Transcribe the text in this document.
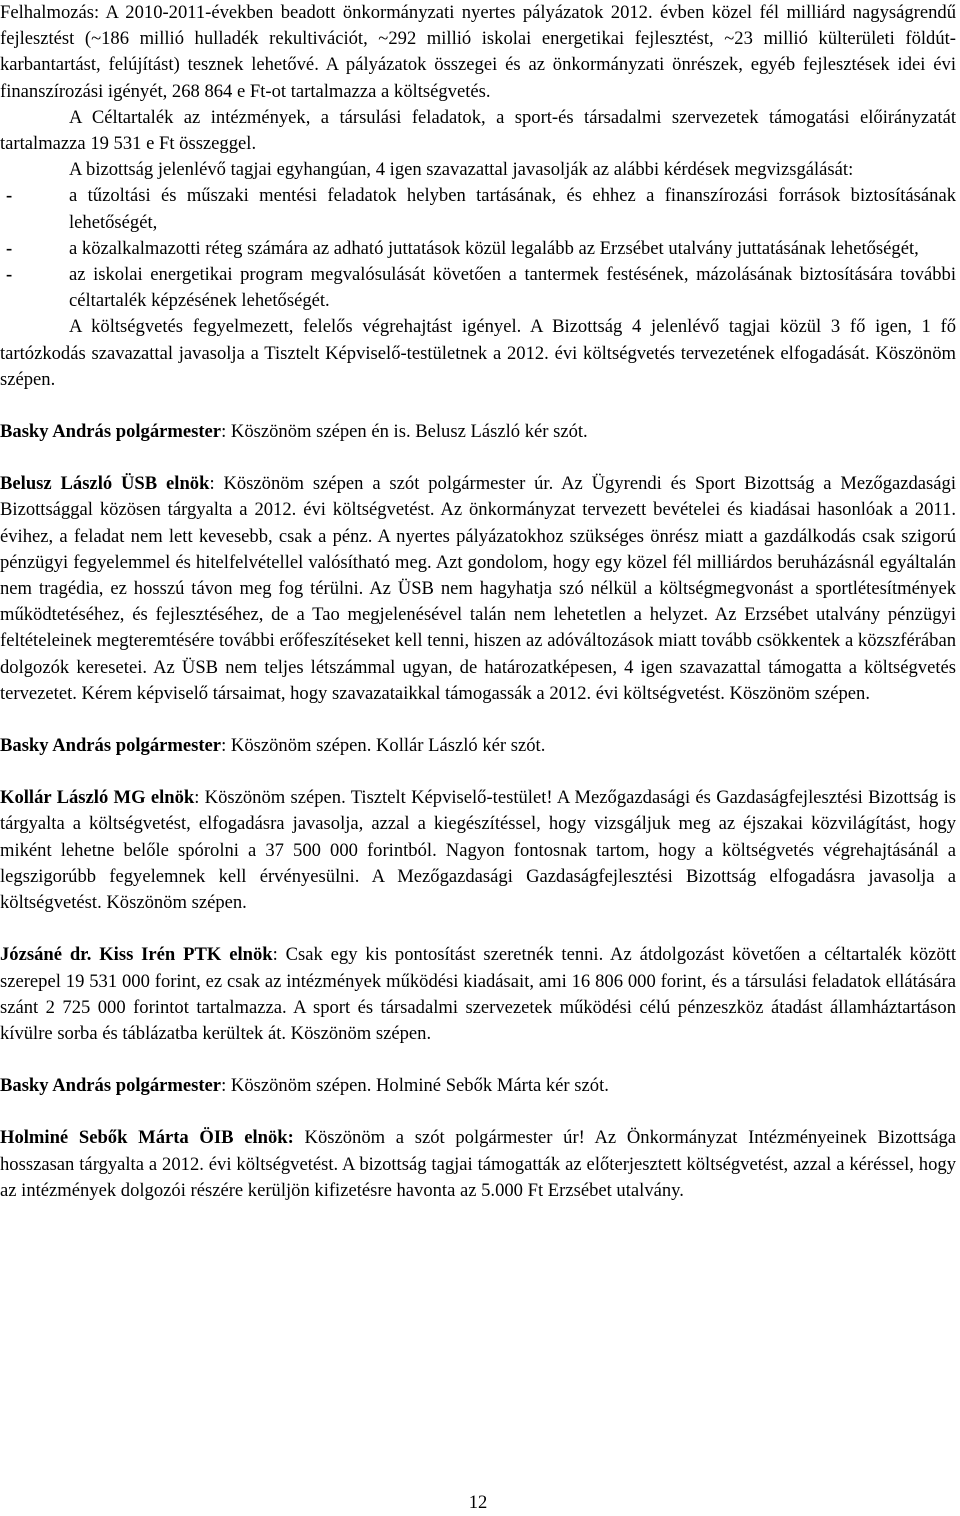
Felhalmozás: A 2010-2011-években beadott önkormányzati nyertes pályázatok 2012. évben közel fél milliárd nagyságrendű fejlesztést (~186 millió hulladék rekultivációt, ~292 millió iskolai energetikai fejlesztést, ~23 millió külterületi földút-karbantartást, felújítást) tesznek lehetővé. A pályázatok összegei és az önkormányzati önrészek, egyéb fejlesztések idei évi finanszírozási igényét, 268 864 e Ft-ot tartalmazza a költségvetés.

A Céltartalék az intézmények, a társulási feladatok, a sport-és társadalmi szervezetek támogatási előirányzatát tartalmazza 19 531 e Ft összeggel.

A bizottság jelenlévő tagjai egyhangúan, 4 igen szavazattal javasolják az alábbi kérdések megvizsgálását:

- a tűzoltási és műszaki mentési feladatok helyben tartásának, és ehhez a finanszírozási források biztosításának lehetőségét,
- a közalkalmazotti réteg számára az adható juttatások közül legalább az Erzsébet utalvány juttatásának lehetőségét,
- az iskolai energetikai program megvalósulását követően a tantermek festésének, mázolásának biztosítására további céltartalék képzésének lehetőségét.

A költségvetés fegyelmezett, felelős végrehajtást igényel. A Bizottság 4 jelenlévő tagjai közül 3 fő igen, 1 fő tartózkodás szavazattal javasolja a Tisztelt Képviselő-testületnek a 2012. évi költségvetés tervezetének elfogadását. Köszönöm szépen.

Basky András polgármester: Köszönöm szépen én is. Belusz László kér szót.

Belusz László ÜSB elnök: Köszönöm szépen a szót polgármester úr. Az Ügyrendi és Sport Bizottság a Mezőgazdasági Bizottsággal közösen tárgyalta a 2012. évi költségvetést. Az önkormányzat tervezett bevételei és kiadásai hasonlóak a 2011. évihez, a feladat nem lett kevesebb, csak a pénz. A nyertes pályázatokhoz szükséges önrész miatt a gazdálkodás csak szigorú pénzügyi fegyelemmel és hitelfelvétellel valósítható meg. Azt gondolom, hogy egy közel fél milliárdos beruházásnál egyáltalán nem tragédia, ez hosszú távon meg fog térülni. Az ÜSB nem hagyhatja szó nélkül a költségmegvonást a sportlétesítmények működtetéséhez, és fejlesztéséhez, de a Tao megjelenésével talán nem lehetetlen a helyzet. Az Erzsébet utalvány pénzügyi feltételeinek megteremtésére további erőfeszítéseket kell tenni, hiszen az adóváltozások miatt tovább csökkentek a közszférában dolgozók keresetei. Az ÜSB nem teljes létszámmal ugyan, de határozatképesen, 4 igen szavazattal támogatta a költségvetés tervezetet. Kérem képviselő társaimat, hogy szavazataikkal támogassák a 2012. évi költségvetést. Köszönöm szépen.

Basky András polgármester: Köszönöm szépen. Kollár László kér szót.

Kollár László MG elnök: Köszönöm szépen. Tisztelt Képviselő-testület! A Mezőgazdasági és Gazdaságfejlesztési Bizottság is tárgyalta a költségvetést, elfogadásra javasolja, azzal a kiegészítéssel, hogy vizsgáljuk meg az éjszakai közvilágítást, hogy miként lehetne belőle spórolni a 37 500 000 forintból. Nagyon fontosnak tartom, hogy a költségvetés végrehajtásánál a legszigorúbb fegyelemnek kell érvényesülni. A Mezőgazdasági Gazdaságfejlesztési Bizottság elfogadásra javasolja a költségvetést. Köszönöm szépen.

Józsáné dr. Kiss Irén PTK elnök: Csak egy kis pontosítást szeretnék tenni. Az átdolgozást követően a céltartalék között szerepel 19 531 000 forint, ez csak az intézmények működési kiadásait, ami 16 806 000 forint, és a társulási feladatok ellátására szánt 2 725 000 forintot tartalmazza. A sport és társadalmi szervezetek működési célú pénzeszköz átadást államháztartáson kívülre sorba és táblázatba kerültek át. Köszönöm szépen.

Basky András polgármester: Köszönöm szépen. Holminé Sebők Márta kér szót.

Holminé Sebők Márta ÖIB elnök: Köszönöm a szót polgármester úr! Az Önkormányzat Intézményeinek Bizottsága hosszasan tárgyalta a 2012. évi költségvetést. A bizottság tagjai támogatták az előterjesztett költségvetést, azzal a kéréssel, hogy az intézmények dolgozói részére kerüljön kifizetésre havonta az 5.000 Ft Erzsébet utalvány.

12
